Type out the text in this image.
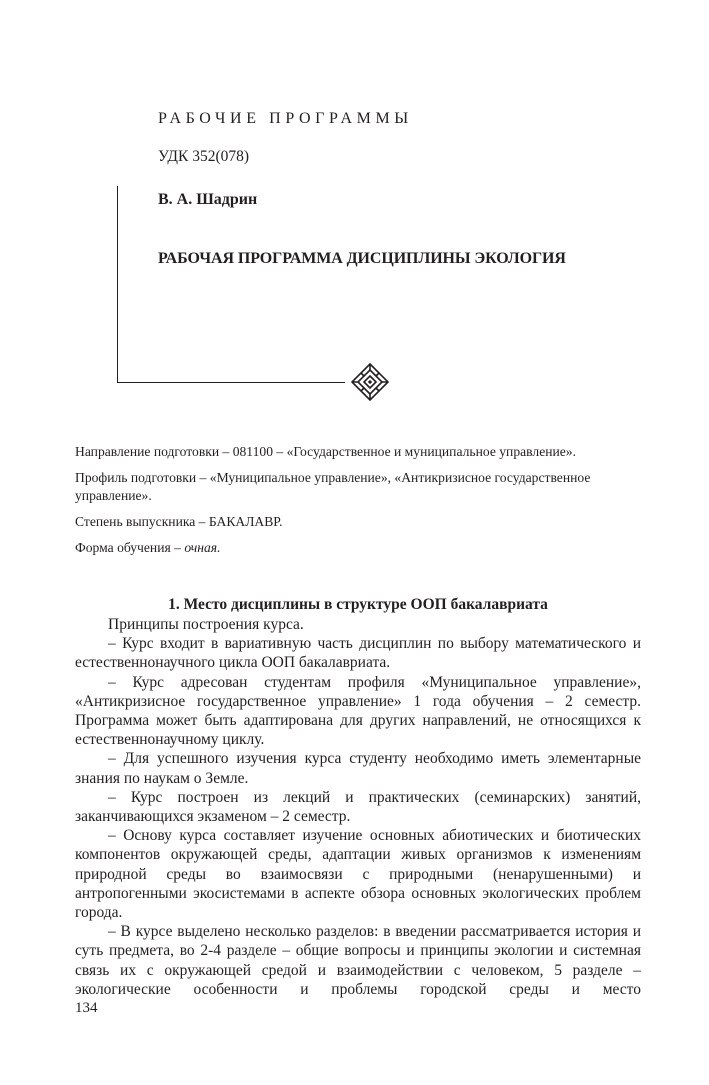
РАБОЧИЕ ПРОГРАММЫ
УДК 352(078)
В. А. Шадрин
РАБОЧАЯ ПРОГРАММА ДИСЦИПЛИНЫ ЭКОЛОГИЯ
Направление подготовки – 081100 – «Государственное и муниципальное управление».
Профиль подготовки – «Муниципальное управление», «Антикризисное государственное управление».
Степень выпускника – БАКАЛАВР.
Форма обучения – очная.
1. Место дисциплины в структуре ООП бакалавриата

Принципы построения курса.

– Курс входит в вариативную часть дисциплин по выбору математического и естественнонаучного цикла ООП бакалавриата.

– Курс адресован студентам профиля «Муниципальное управление», «Антикризисное государственное управление» 1 года обучения – 2 семестр. Программа может быть адаптирована для других направлений, не относящихся к естественнонаучному циклу.

– Для успешного изучения курса студенту необходимо иметь элементарные знания по наукам о Земле.

– Курс построен из лекций и практических (семинарских) занятий, заканчивающихся экзаменом – 2 семестр.

– Основу курса составляет изучение основных абиотических и биотических компонентов окружающей среды, адаптации живых организмов к изменениям природной среды во взаимосвязи с природными (ненарушенными) и антропогенными экосистемами в аспекте обзора основных экологических проблем города.

– В курсе выделено несколько разделов: в введении рассматривается история и суть предмета, во 2-4 разделе – общие вопросы и принципы экологии и системная связь их с окружающей средой и взаимодействии с человеком, 5 разделе – экологические особенности и проблемы городской среды и место

134
